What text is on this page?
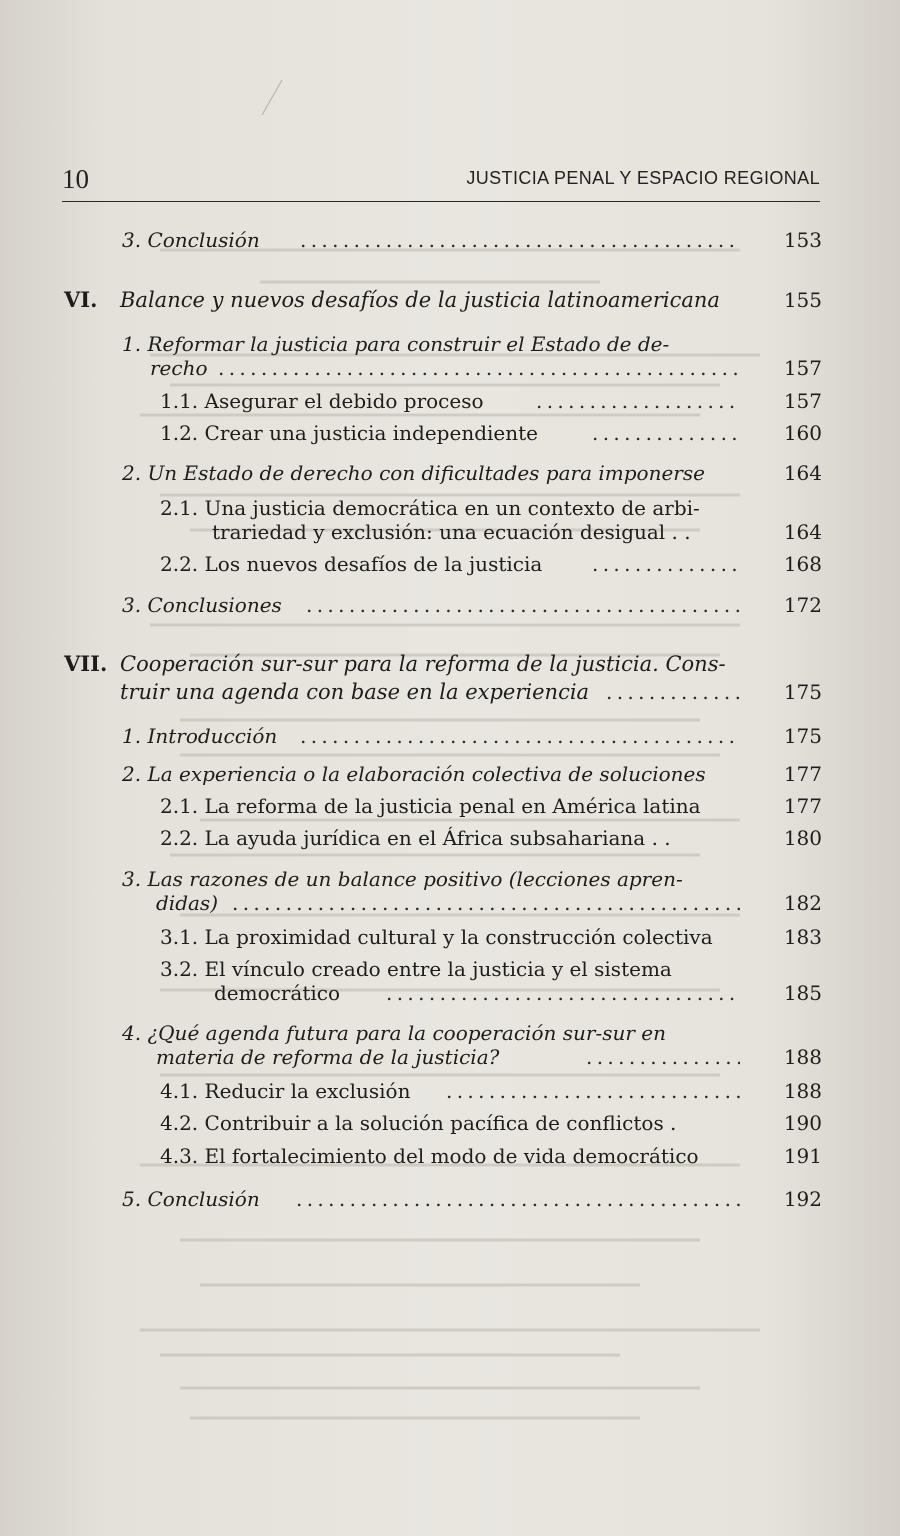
10	JUSTICIA PENAL Y ESPACIO REGIONAL
3. Conclusión . . .	153
VI. Balance y nuevos desafíos de la justicia latinoamericana	155
1. Reformar la justicia para construir el Estado de de-
recho . . .	157
1.1. Asegurar el debido proceso . . .	157
1.2. Crear una justicia independiente . . .	160
2. Un Estado de derecho con dificultades para imponerse	164
2.1. Una justicia democrática en un contexto de arbi-
trariedad y exclusión: una ecuación desigual . .	164
2.2. Los nuevos desafíos de la justicia . . .	168
3. Conclusiones . . .	172
VII. Cooperación sur-sur para la reforma de la justicia. Cons-
truir una agenda con base en la experiencia . . .	175
1. Introducción . . .	175
2. La experiencia o la elaboración colectiva de soluciones	177
2.1. La reforma de la justicia penal en América latina	177
2.2. La ayuda jurídica en el África subsahariana . .	180
3. Las razones de un balance positivo (lecciones apren-
didas) . . .	182
3.1. La proximidad cultural y la construcción colectiva	183
3.2. El vínculo creado entre la justicia y el sistema
democrático . . .	185
4. ¿Qué agenda futura para la cooperación sur-sur en
materia de reforma de la justicia? . . .	188
4.1. Reducir la exclusión . . .	188
4.2. Contribuir a la solución pacífica de conflictos .	190
4.3. El fortalecimiento del modo de vida democrático	191
5. Conclusión . . .	192
